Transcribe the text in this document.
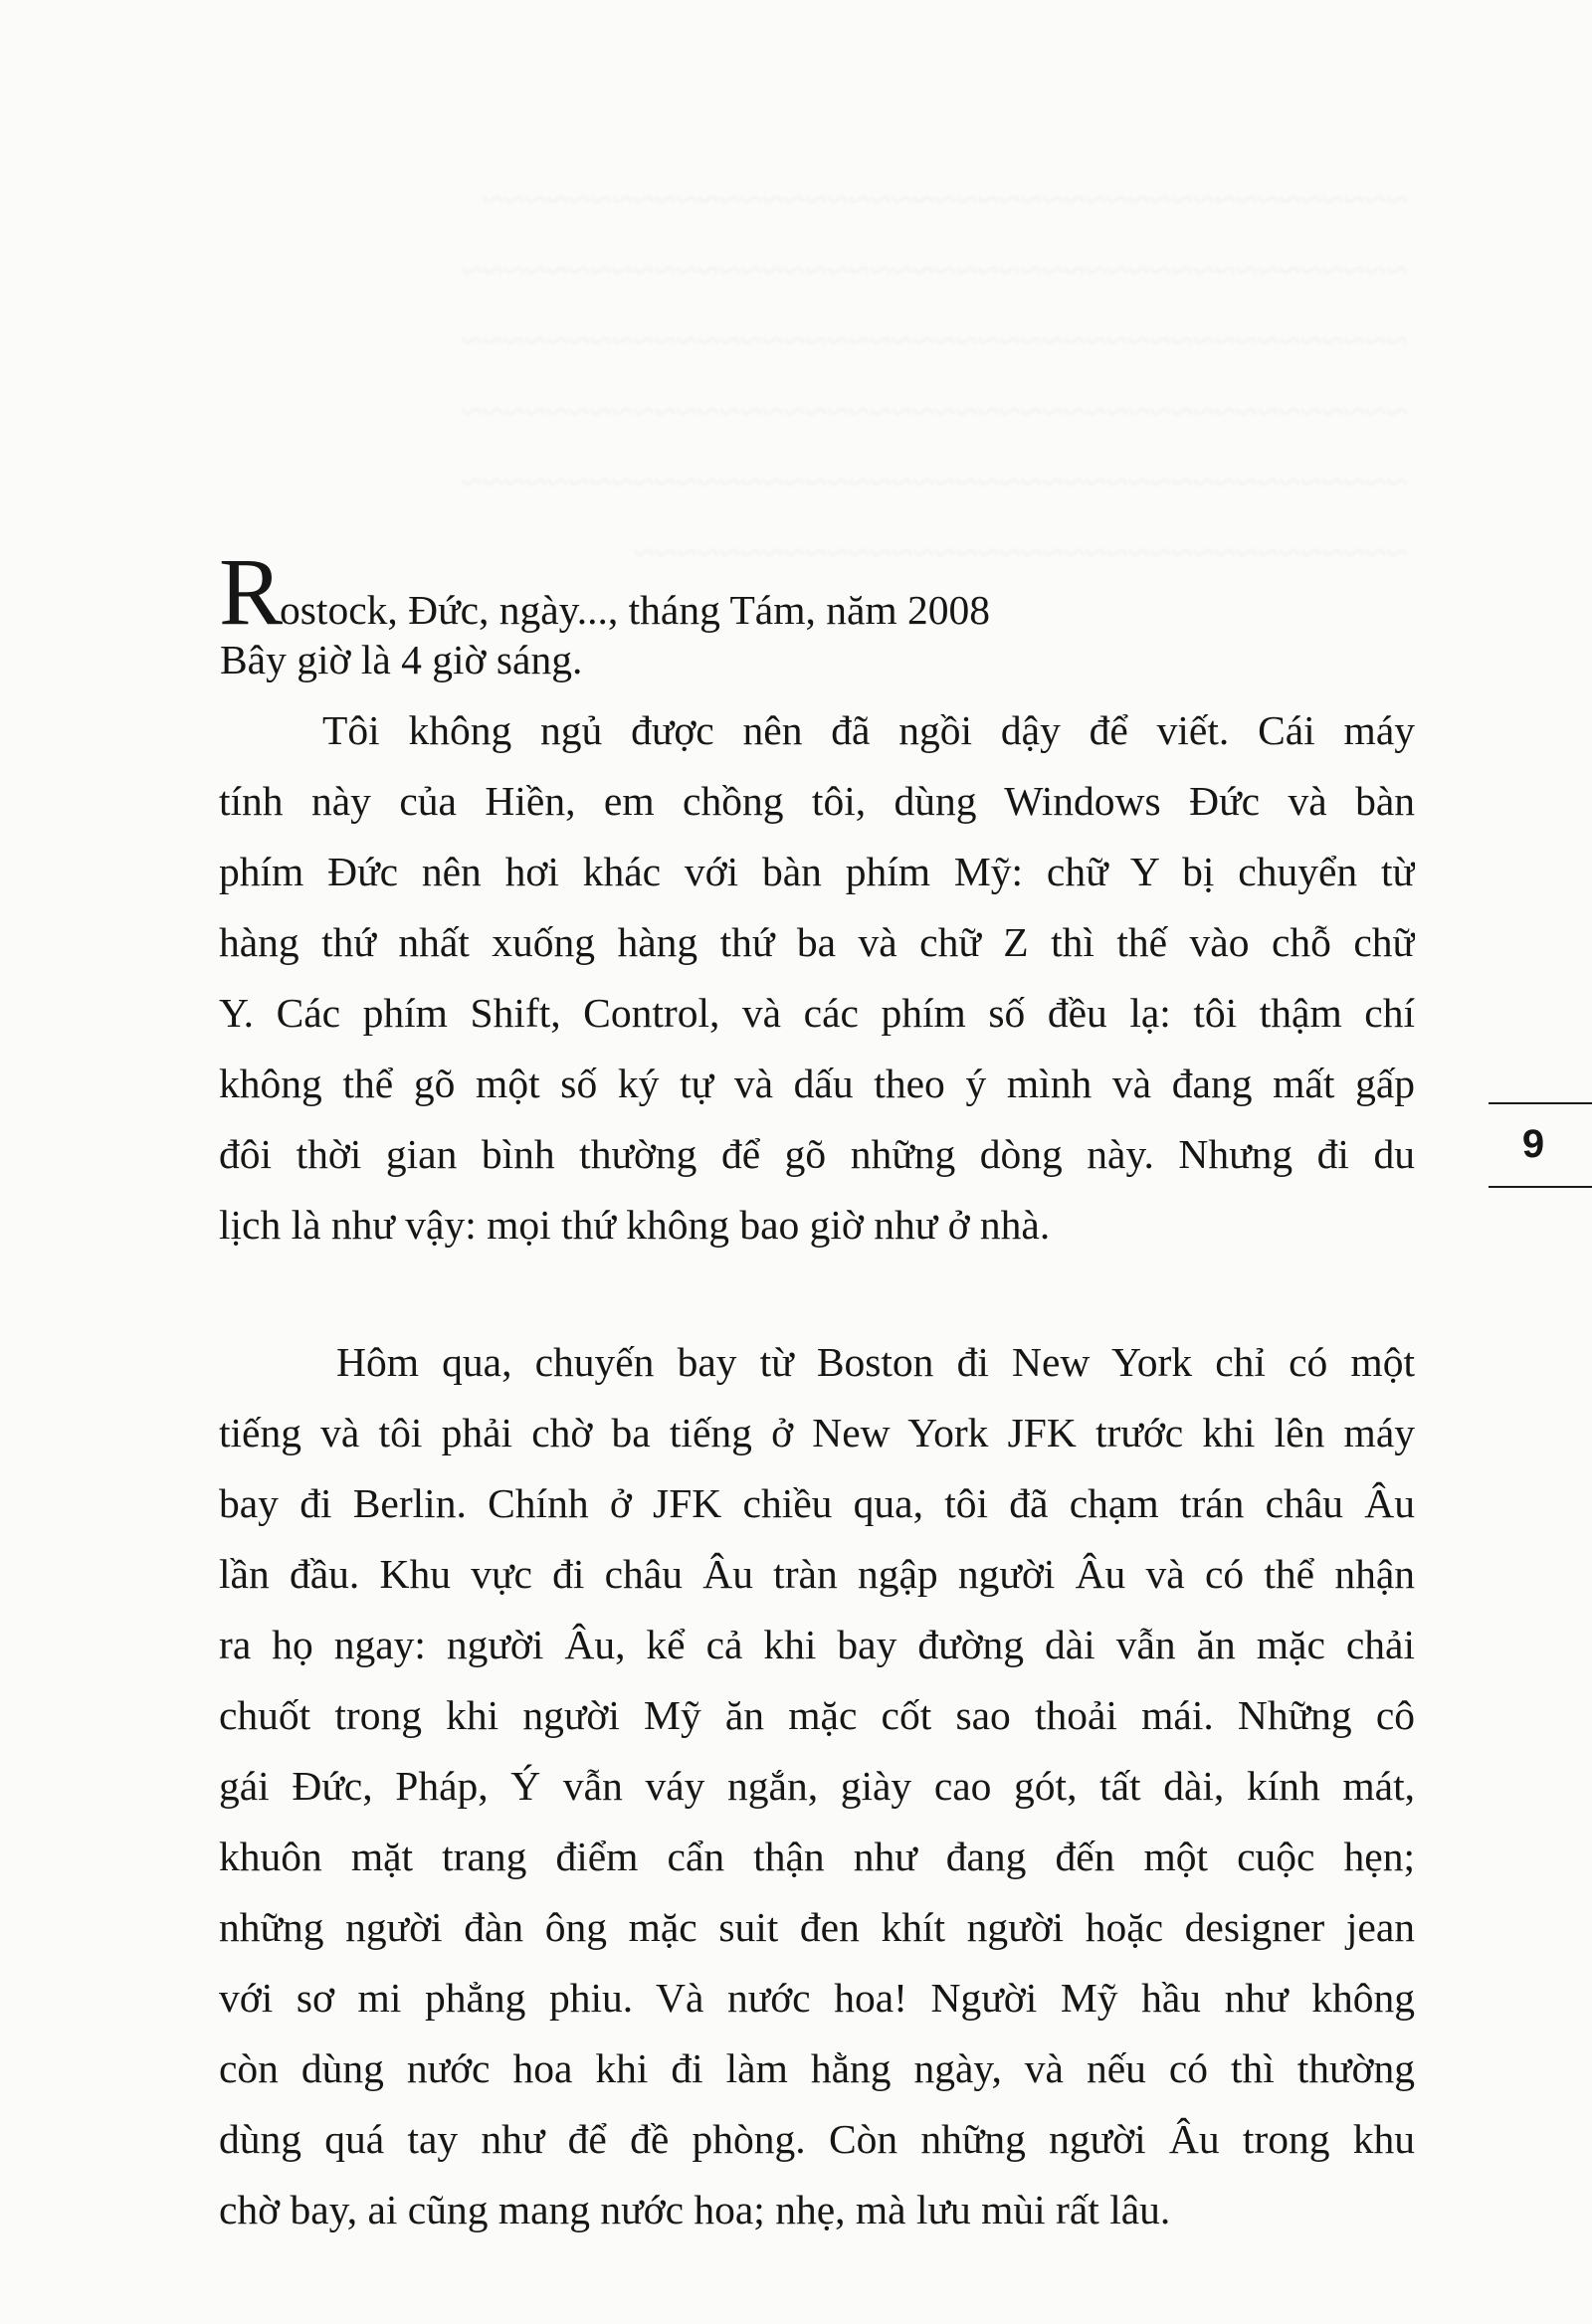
Rostock, Đức, ngày..., tháng Tám, năm 2008
Bây giờ là 4 giờ sáng.
Tôi không ngủ được nên đã ngồi dậy để viết. Cái máy
tính này của Hiền, em chồng tôi, dùng Windows Đức và bàn
phím Đức nên hơi khác với bàn phím Mỹ: chữ Y bị chuyển từ
hàng thứ nhất xuống hàng thứ ba và chữ Z thì thế vào chỗ chữ
Y. Các phím Shift, Control, và các phím số đều lạ: tôi thậm chí
không thể gõ một số ký tự và dấu theo ý mình và đang mất gấp
đôi thời gian bình thường để gõ những dòng này. Nhưng đi du
lịch là như vậy: mọi thứ không bao giờ như ở nhà.
Hôm qua, chuyến bay từ Boston đi New York chỉ có một
tiếng và tôi phải chờ ba tiếng ở New York JFK trước khi lên máy
bay đi Berlin. Chính ở JFK chiều qua, tôi đã chạm trán châu Âu
lần đầu. Khu vực đi châu Âu tràn ngập người Âu và có thể nhận
ra họ ngay: người Âu, kể cả khi bay đường dài vẫn ăn mặc chải
chuốt trong khi người Mỹ ăn mặc cốt sao thoải mái. Những cô
gái Đức, Pháp, Ý vẫn váy ngắn, giày cao gót, tất dài, kính mát,
khuôn mặt trang điểm cẩn thận như đang đến một cuộc hẹn;
những người đàn ông mặc suit đen khít người hoặc designer jean
với sơ mi phẳng phiu. Và nước hoa! Người Mỹ hầu như không
còn dùng nước hoa khi đi làm hằng ngày, và nếu có thì thường
dùng quá tay như để đề phòng. Còn những người Âu trong khu
chờ bay, ai cũng mang nước hoa; nhẹ, mà lưu mùi rất lâu.
9
